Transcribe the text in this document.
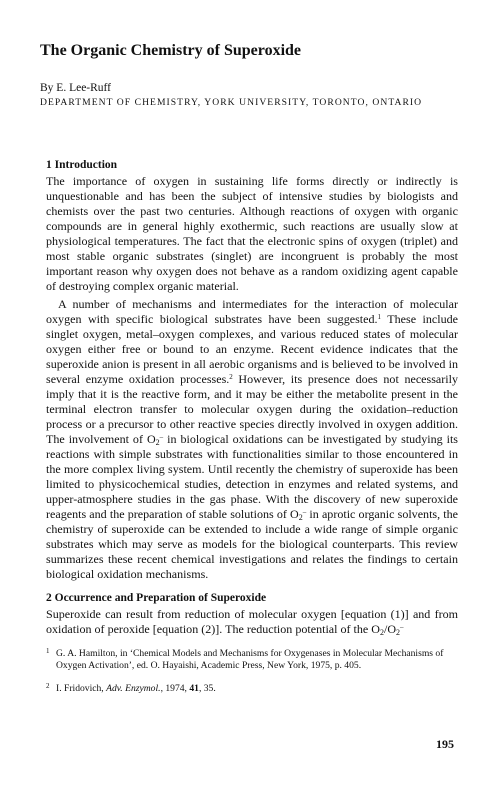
The Organic Chemistry of Superoxide

By E. Lee-Ruff

DEPARTMENT OF CHEMISTRY, YORK UNIVERSITY, TORONTO, ONTARIO

1 Introduction

The importance of oxygen in sustaining life forms directly or indirectly is unquestionable and has been the subject of intensive studies by biologists and chemists over the past two centuries. Although reactions of oxygen with organic compounds are in general highly exothermic, such reactions are usually slow at physiological temperatures. The fact that the electronic spins of oxygen (triplet) and most stable organic substrates (singlet) are incongruent is probably the most important reason why oxygen does not behave as a random oxidizing agent capable of destroying complex organic material.

A number of mechanisms and intermediates for the interaction of molecular oxygen with specific biological substrates have been suggested.$^1$ These include singlet oxygen, metal–oxygen complexes, and various reduced states of molecular oxygen either free or bound to an enzyme. Recent evidence indicates that the superoxide anion is present in all aerobic organisms and is believed to be involved in several enzyme oxidation processes.$^2$ However, its presence does not necessarily imply that it is the reactive form, and it may be either the metabolite present in the terminal electron transfer to molecular oxygen during the oxidation–reduction process or a precursor to other reactive species directly involved in oxygen addition. The involvement of $O_2^-$ in biological oxidations can be investigated by studying its reactions with simple substrates with functionalities similar to those encountered in the more complex living system. Until recently the chemistry of superoxide has been limited to physicochemical studies, detection in enzymes and related systems, and upper-atmosphere studies in the gas phase. With the discovery of new superoxide reagents and the preparation of stable solutions of $O_2^-$ in aprotic organic solvents, the chemistry of superoxide can be extended to include a wide range of simple organic substrates which may serve as models for the biological counterparts. This review summarizes these recent chemical investigations and relates the findings to certain biological oxidation mechanisms.

2 Occurrence and Preparation of Superoxide

Superoxide can result from reduction of molecular oxygen [equation (1)] and from oxidation of peroxide [equation (2)]. The reduction potential of the $O_2/O_2^-$

1 G. A. Hamilton, in ‘Chemical Models and Mechanisms for Oxygenases in Molecular Mechanisms of Oxygen Activation’, ed. O. Hayaishi, Academic Press, New York, 1975, p. 405.

2 I. Fridovich, Adv. Enzymol., 1974, 41, 35.

195
